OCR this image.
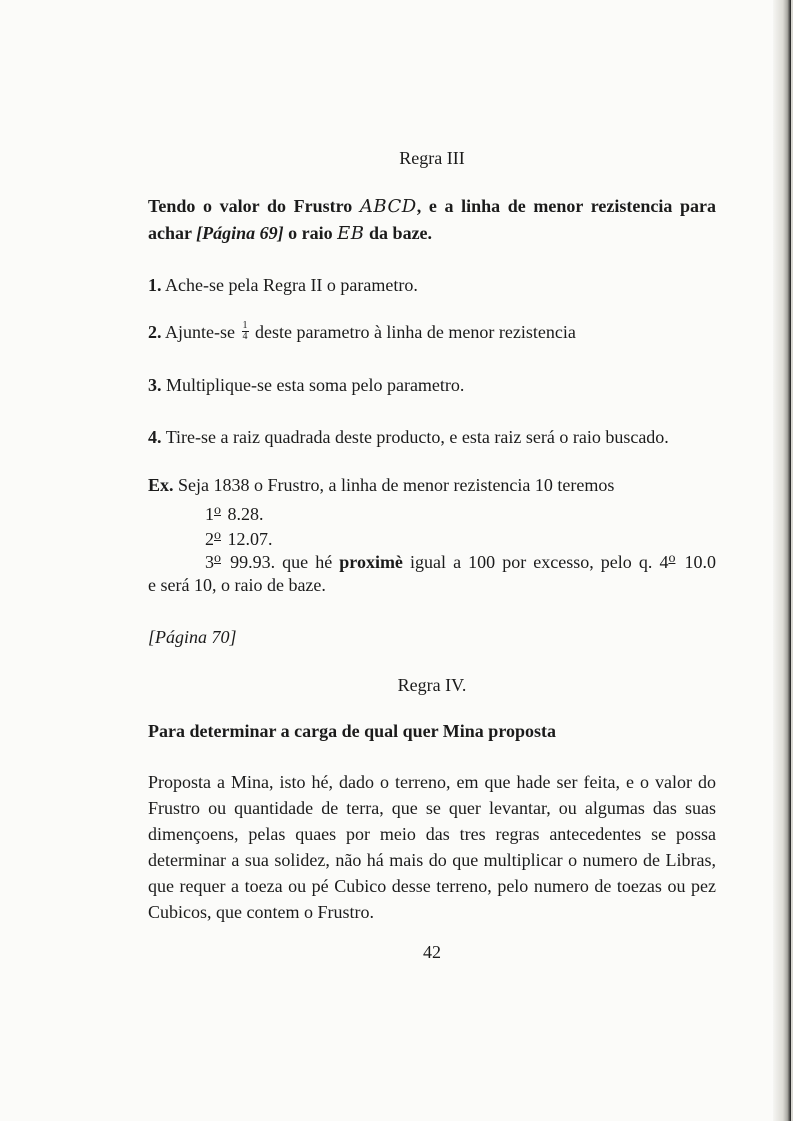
Regra III
Tendo o valor do Frustro ABCD, e a linha de menor rezistencia para achar [Página 69] o raio EB da baze.
1. Ache-se pela Regra II o parametro.
2. Ajunte-se $\frac{1}{4}$ deste parametro à linha de menor rezistencia
3. Multiplique-se esta soma pelo parametro.
4. Tire-se a raiz quadrada deste producto, e esta raiz será o raio buscado.
Ex. Seja 1838 o Frustro, a linha de menor rezistencia 10 teremos
1$^o$ 8.28.
2$^o$ 12.07.
3$^o$ 99.93. que hé proximè igual a 100 por excesso, pelo q. 4$^o$ 10.0
e será 10, o raio de baze.
[Página 70]
Regra IV.
Para determinar a carga de qual quer Mina proposta
Proposta a Mina, isto hé, dado o terreno, em que hade ser feita, e o valor do Frustro ou quantidade de terra, que se quer levantar, ou algumas das suas dimençoens, pelas quaes por meio das tres regras antecedentes se possa determinar a sua solidez, não há mais do que multiplicar o numero de Libras, que requer a toeza ou pé Cubico desse terreno, pelo numero de toezas ou pez Cubicos, que contem o Frustro.
42
